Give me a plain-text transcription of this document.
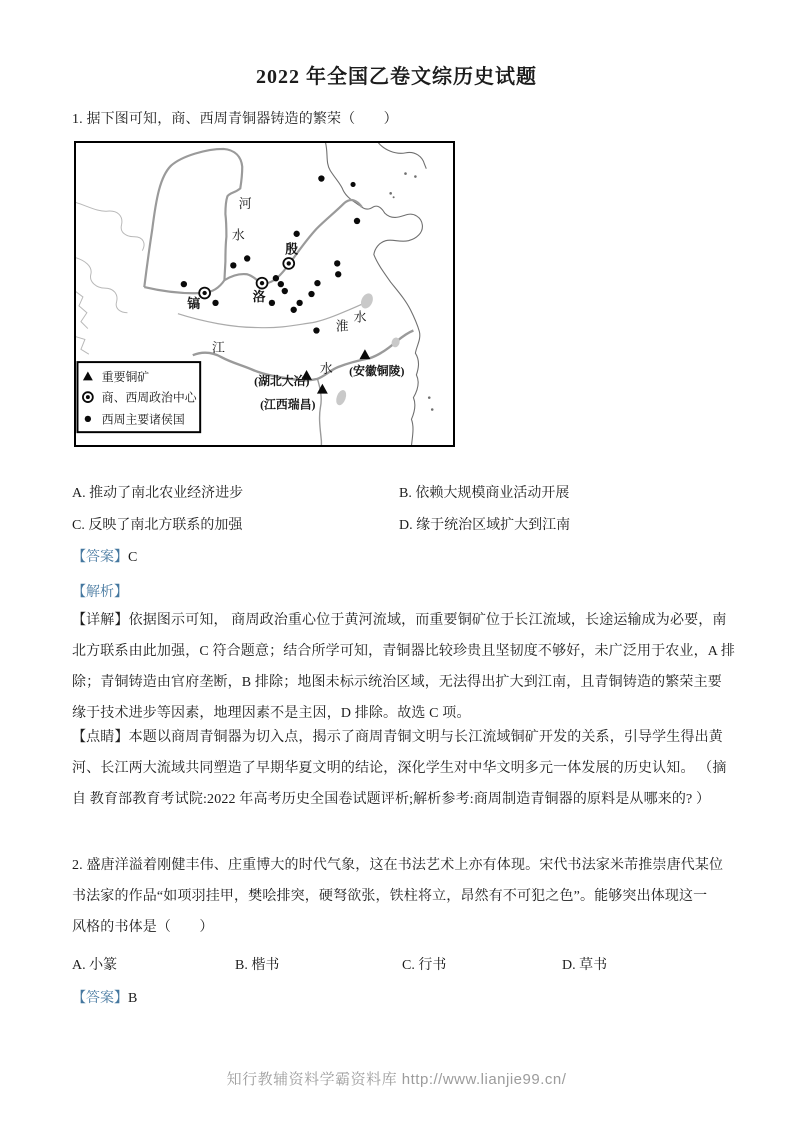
2022 年全国乙卷文综历史试题
1. 据下图可知，商、西周青铜器铸造的繁荣（　　）
河
水
殷
镐	洛
淮
水
江
水 (安徽铜陵)
(湖北大冶)
(江西瑞昌)
重要铜矿
商、西周政治中心
西周主要诸侯国
A. 推动了南北农业经济进步	B. 依赖大规模商业活动开展
C. 反映了南北方联系的加强	D. 缘于统治区域扩大到江南
【答案】C
【解析】
【详解】依据图示可知， 商周政治重心位于黄河流域，而重要铜矿位于长江流域，长途运输成为必要，南
北方联系由此加强，C 符合题意；结合所学可知，青铜器比较珍贵且坚韧度不够好，未广泛用于农业，A 排
除；青铜铸造由官府垄断，B 排除；地图未标示统治区域，无法得出扩大到江南，且青铜铸造的繁荣主要
缘于技术进步等因素，地理因素不是主因，D 排除。故选 C 项。
【点睛】本题以商周青铜器为切入点，揭示了商周青铜文明与长江流域铜矿开发的关系，引导学生得出黄
河、长江两大流域共同塑造了早期华夏文明的结论，深化学生对中华文明多元一体发展的历史认知。 （摘
自 教育部教育考试院:2022 年高考历史全国卷试题评析;解析参考:商周制造青铜器的原料是从哪来的? ）
2. 盛唐洋溢着刚健丰伟、庄重博大的时代气象，这在书法艺术上亦有体现。宋代书法家米芾推崇唐代某位
书法家的作品“如项羽挂甲，樊哙排突，硬弩欲张，铁柱将立，昂然有不可犯之色”。能够突出体现这一
风格的书体是（　　）
A. 小篆	B. 楷书	C. 行书	D. 草书
【答案】B
知行教辅资料学霸资料库 http://www.lianjie99.cn/
